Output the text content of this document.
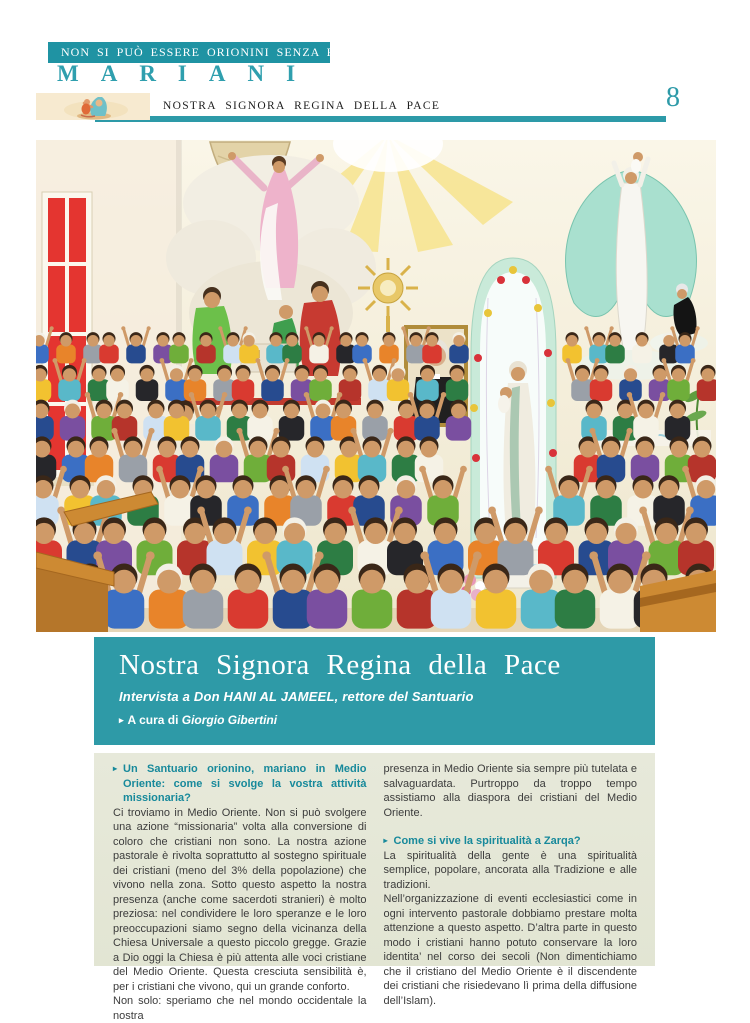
NON SI PUÒ ESSERE ORIONINI SENZA ESSERE
MARIANI
NOSTRA SIGNORA REGINA DELLA PACE	8
Nostra Signora Regina della Pace
Intervista a Don HANI AL JAMEEL, rettore del Santuario
▸ A cura di Giorgio Gibertini

▸ Un Santuario orionino, mariano in Medio Oriente: come si svolge la vostra attività missionaria?

Ci troviamo in Medio Oriente. Non si può svolgere una azione “missionaria” volta alla conversione di coloro che cristiani non sono. La nostra azione pastorale è rivolta soprattutto al sostegno spirituale dei cristiani (meno del 3% della popolazione) che vivono nella zona. Sotto questo aspetto la nostra presenza (anche come sacerdoti stranieri) è molto preziosa: nel condividere le loro speranze e le loro preoccupazioni siamo segno della vicinanza della Chiesa Universale a questo piccolo gregge. Grazie a Dio oggi la Chiesa è più attenta alle voci cristiane del Medio Oriente. Questa cresciuta sensibilità è, per i cristiani che vivono, qui un grande conforto.

Non solo: speriamo che nel mondo occidentale la nostra

presenza in Medio Oriente sia sempre più tutelata e salvaguardata. Purtroppo da troppo tempo assistiamo alla diaspora dei cristiani del Medio Oriente.

▸ Come si vive la spiritualità a Zarqa?

La spiritualità della gente è una spiritualità semplice, popolare, ancorata alla Tradizione e alle tradizioni.

Nell’organizzazione di eventi ecclesiastici come in ogni intervento pastorale dobbiamo prestare molta attenzione a questo aspetto. D’altra parte in questo modo i cristiani hanno potuto conservare la loro identita’ nel corso dei secoli (Non dimentichiamo che il cristiano del Medio Oriente è il discendente dei cristiani che risiedevano lì prima della diffusione dell’Islam).
